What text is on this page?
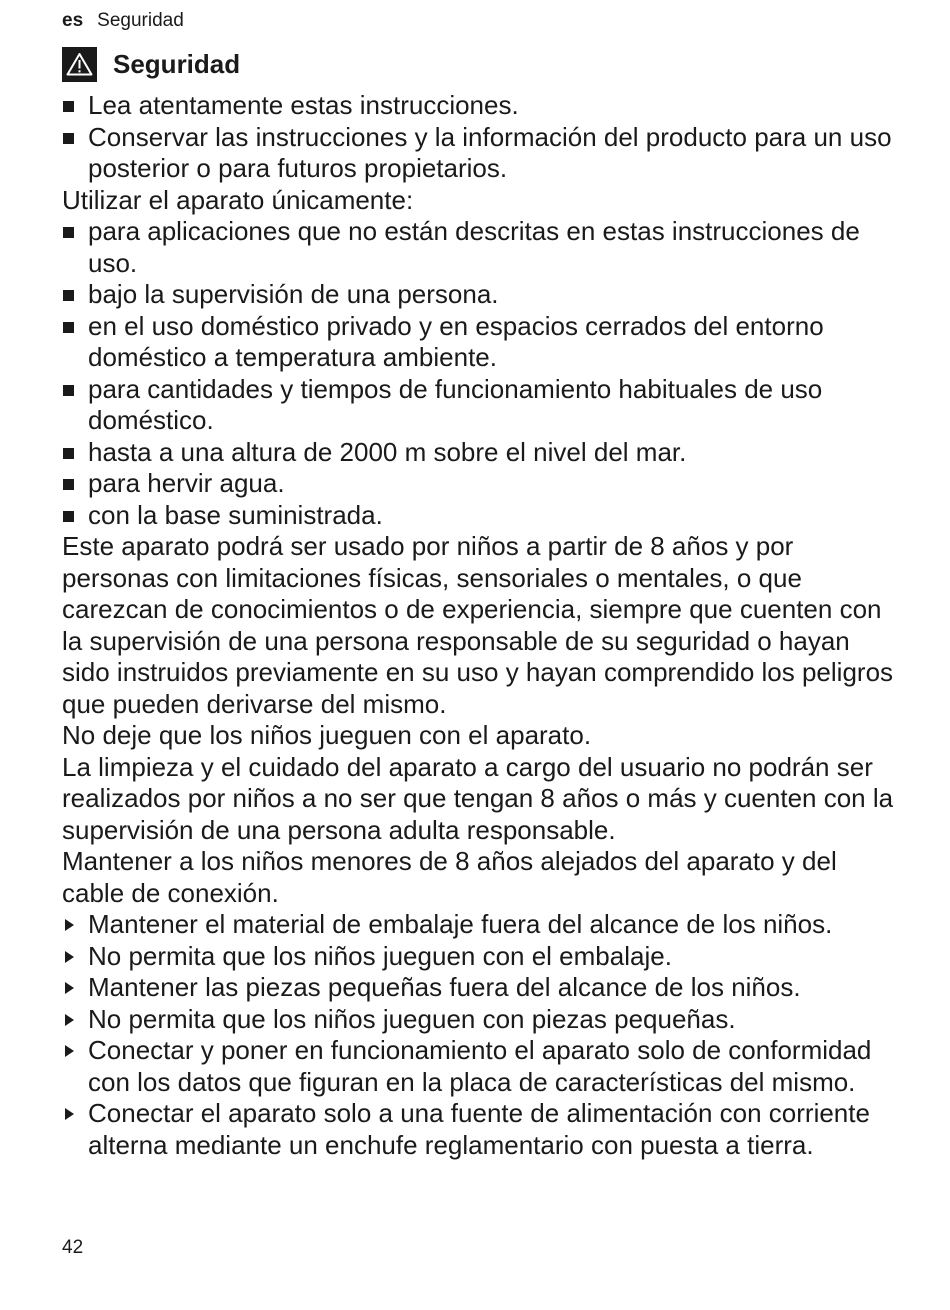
es Seguridad
Seguridad
Lea atentamente estas instrucciones.
Conservar las instrucciones y la información del producto para un uso posterior o para futuros propietarios.

Utilizar el aparato únicamente:

para aplicaciones que no están descritas en estas instrucciones de uso.
bajo la supervisión de una persona.
en el uso doméstico privado y en espacios cerrados del entorno doméstico a temperatura ambiente.
para cantidades y tiempos de funcionamiento habituales de uso doméstico.
hasta a una altura de 2000 m sobre el nivel del mar.
para hervir agua.
con la base suministrada.

Este aparato podrá ser usado por niños a partir de 8 años y por personas con limitaciones físicas, sensoriales o mentales, o que carezcan de conocimientos o de experiencia, siempre que cuenten con la supervisión de una persona responsable de su seguridad o hayan sido instruidos previamente en su uso y hayan comprendido los peligros que pueden derivarse del mismo.

No deje que los niños jueguen con el aparato.

La limpieza y el cuidado del aparato a cargo del usuario no podrán ser realizados por niños a no ser que tengan 8 años o más y cuenten con la supervisión de una persona adulta responsable.

Mantener a los niños menores de 8 años alejados del aparato y del cable de conexión.

Mantener el material de embalaje fuera del alcance de los niños.
No permita que los niños jueguen con el embalaje.
Mantener las piezas pequeñas fuera del alcance de los niños.
No permita que los niños jueguen con piezas pequeñas.
Conectar y poner en funcionamiento el aparato solo de conformidad con los datos que figuran en la placa de características del mismo.
Conectar el aparato solo a una fuente de alimentación con corriente alterna mediante un enchufe reglamentario con puesta a tierra.
42
